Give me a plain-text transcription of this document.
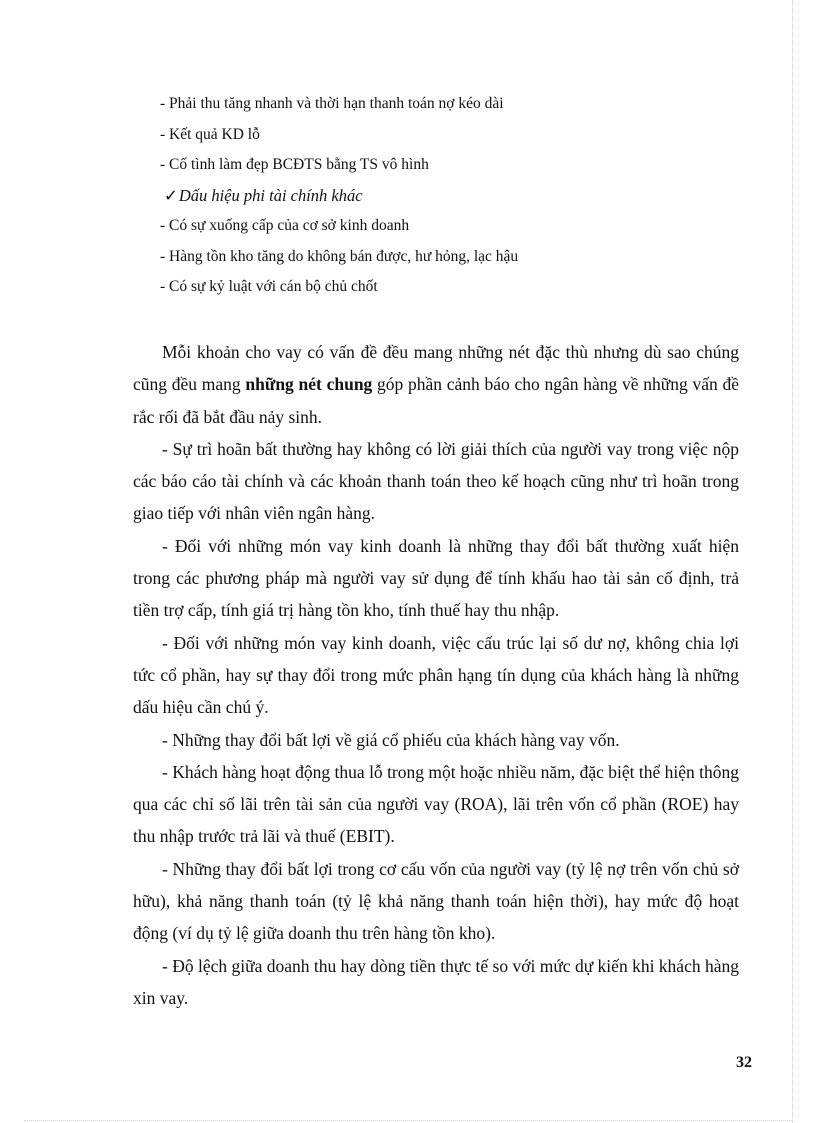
- Phải thu tăng nhanh và thời hạn thanh toán nợ kéo dài
- Kết quả KD lỗ
- Cố tình làm đẹp BCĐTS bằng TS vô hình
✓Dấu hiệu phi tài chính khác
- Có sự xuống cấp của cơ sở kinh doanh
- Hàng tồn kho tăng do không bán được, hư hỏng, lạc hậu
- Có sự kỷ luật với cán bộ chủ chốt

Mỗi khoản cho vay có vấn đề đều mang những nét đặc thù nhưng dù sao chúng cũng đều mang những nét chung góp phần cảnh báo cho ngân hàng về những vấn đề rắc rối đã bắt đầu nảy sinh.

- Sự trì hoãn bất thường hay không có lời giải thích của người vay trong việc nộp các báo cáo tài chính và các khoản thanh toán theo kế hoạch cũng như trì hoãn trong giao tiếp với nhân viên ngân hàng.

- Đối với những món vay kinh doanh là những thay đổi bất thường xuất hiện trong các phương pháp mà người vay sử dụng để tính khấu hao tài sản cố định, trả tiền trợ cấp, tính giá trị hàng tồn kho, tính thuế hay thu nhập.

- Đối với những món vay kinh doanh, việc cấu trúc lại số dư nợ, không chia lợi tức cổ phần, hay sự thay đổi trong mức phân hạng tín dụng của khách hàng là những dấu hiệu cần chú ý.

- Những thay đổi bất lợi về giá cổ phiếu của khách hàng vay vốn.

- Khách hàng hoạt động thua lỗ trong một hoặc nhiều năm, đặc biệt thể hiện thông qua các chỉ số lãi trên tài sản của người vay (ROA), lãi trên vốn cổ phần (ROE) hay thu nhập trước trả lãi và thuế (EBIT).

- Những thay đổi bất lợi trong cơ cấu vốn của người vay (tỷ lệ nợ trên vốn chủ sở hữu), khả năng thanh toán (tỷ lệ khả năng thanh toán hiện thời), hay mức độ hoạt động (ví dụ tỷ lệ giữa doanh thu trên hàng tồn kho).

- Độ lệch giữa doanh thu hay dòng tiền thực tế so với mức dự kiến khi khách hàng xin vay.

32
